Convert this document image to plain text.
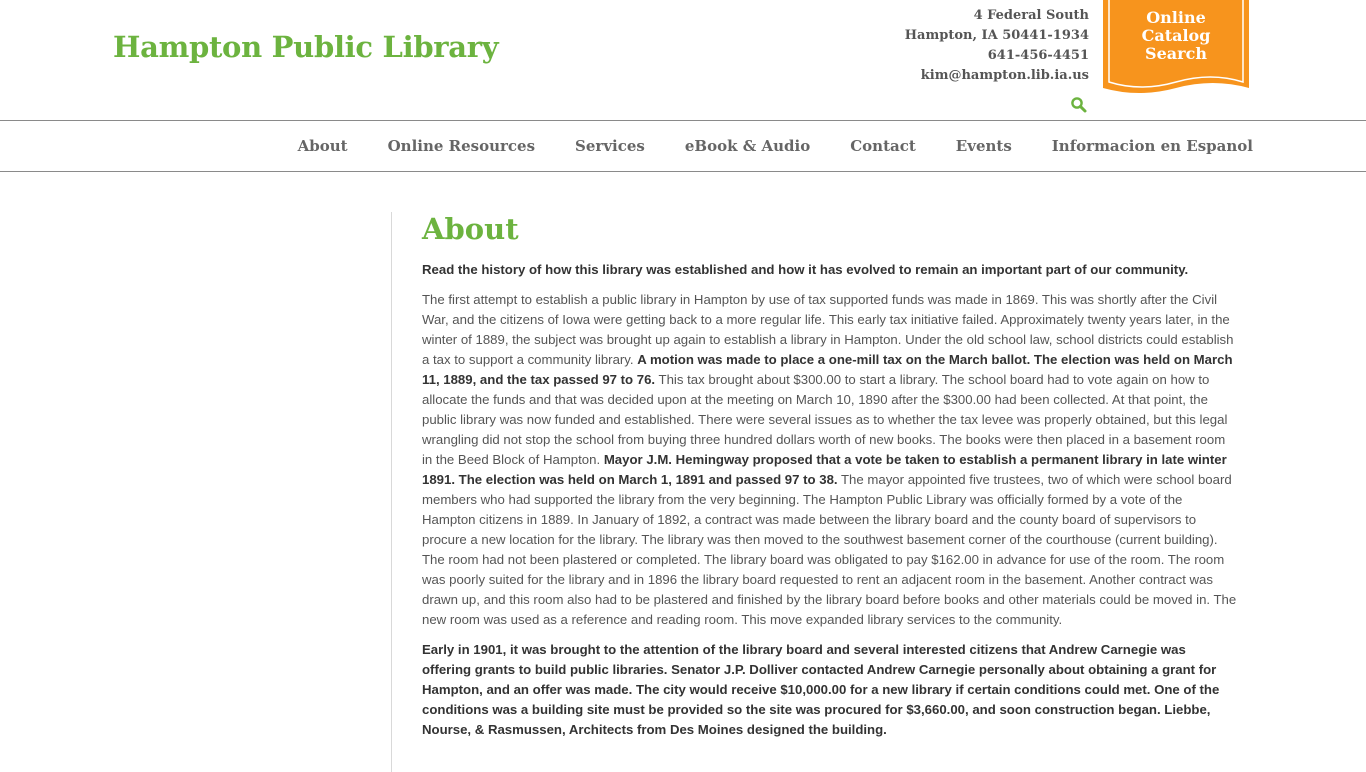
Hampton Public Library
4 Federal South
Hampton, IA 50441-1934
641-456-4451
kim@hampton.lib.ia.us
Online
Catalog
Search
About	Online Resources	Services	eBook & Audio	Contact	Events	Informacion en Espanol
About

Read the history of how this library was established and how it has evolved to remain an important part of our community.

The first attempt to establish a public library in Hampton by use of tax supported funds was made in 1869. This was shortly after the Civil War, and the citizens of Iowa were getting back to a more regular life. This early tax initiative failed. Approximately twenty years later, in the winter of 1889, the subject was brought up again to establish a library in Hampton. Under the old school law, school districts could establish a tax to support a community library. A motion was made to place a one-mill tax on the March ballot. The election was held on March 11, 1889, and the tax passed 97 to 76. This tax brought about $300.00 to start a library. The school board had to vote again on how to allocate the funds and that was decided upon at the meeting on March 10, 1890 after the $300.00 had been collected. At that point, the public library was now funded and established. There were several issues as to whether the tax levee was properly obtained, but this legal wrangling did not stop the school from buying three hundred dollars worth of new books. The books were then placed in a basement room in the Beed Block of Hampton. Mayor J.M. Hemingway proposed that a vote be taken to establish a permanent library in late winter 1891. The election was held on March 1, 1891 and passed 97 to 38. The mayor appointed five trustees, two of which were school board members who had supported the library from the very beginning. The Hampton Public Library was officially formed by a vote of the Hampton citizens in 1889. In January of 1892, a contract was made between the library board and the county board of supervisors to procure a new location for the library. The library was then moved to the southwest basement corner of the courthouse (current building). The room had not been plastered or completed. The library board was obligated to pay $162.00 in advance for use of the room. The room was poorly suited for the library and in 1896 the library board requested to rent an adjacent room in the basement. Another contract was drawn up, and this room also had to be plastered and finished by the library board before books and other materials could be moved in. The new room was used as a reference and reading room. This move expanded library services to the community.

Early in 1901, it was brought to the attention of the library board and several interested citizens that Andrew Carnegie was offering grants to build public libraries. Senator J.P. Dolliver contacted Andrew Carnegie personally about obtaining a grant for Hampton, and an offer was made. The city would receive $10,000.00 for a new library if certain conditions could met. One of the conditions was a building site must be provided so the site was procured for $3,660.00, and soon construction began. Liebbe, Nourse, & Rasmussen, Architects from Des Moines designed the building.
